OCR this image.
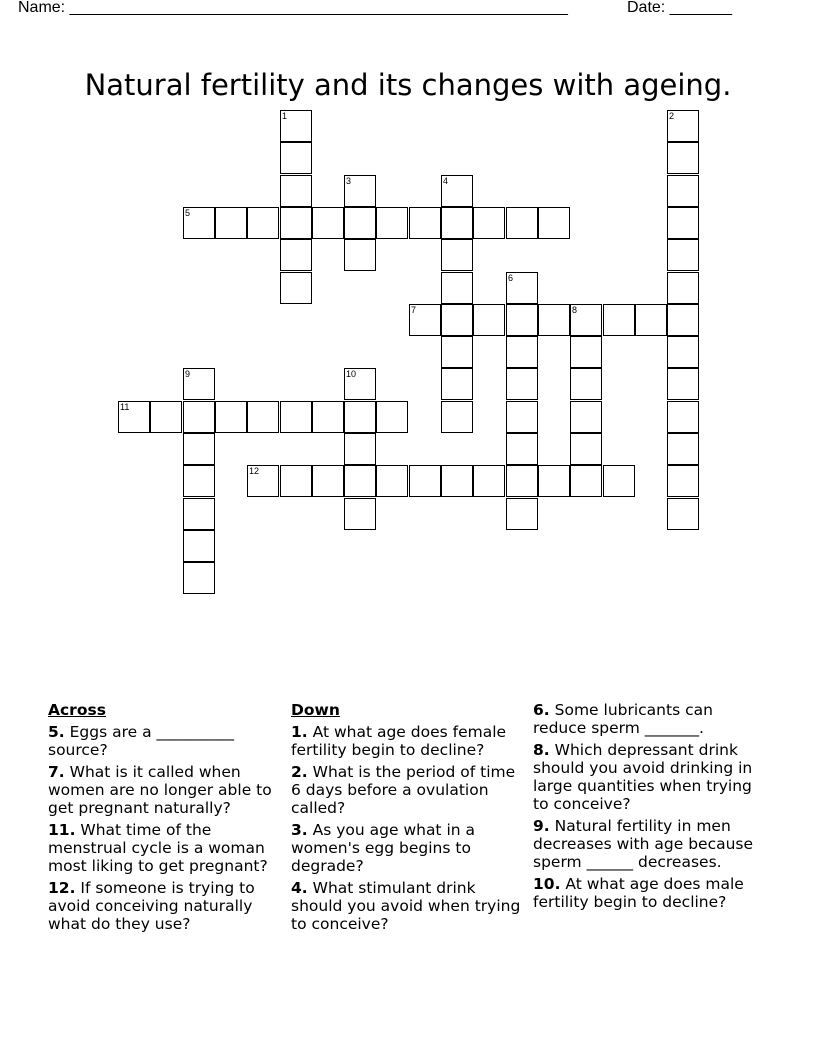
Name: ________________________________________________________	Date: _______
Natural fertility and its changes with ageing.
1	2
3	4
5
6
7	8
9	10
11
12
Across
5. Eggs are a __________ source?
7. What is it called when women are no longer able to get pregnant naturally?
11. What time of the menstrual cycle is a woman most liking to get pregnant?
12. If someone is trying to avoid conceiving naturally what do they use?
Down
1. At what age does female fertility begin to decline?
2. What is the period of time 6 days before a ovulation called?
3. As you age what in a women's egg begins to degrade?
4. What stimulant drink should you avoid when trying to conceive?
6. Some lubricants can reduce sperm _______.
8. Which depressant drink should you avoid drinking in large quantities when trying to conceive?
9. Natural fertility in men decreases with age because sperm ______ decreases.
10. At what age does male fertility begin to decline?
